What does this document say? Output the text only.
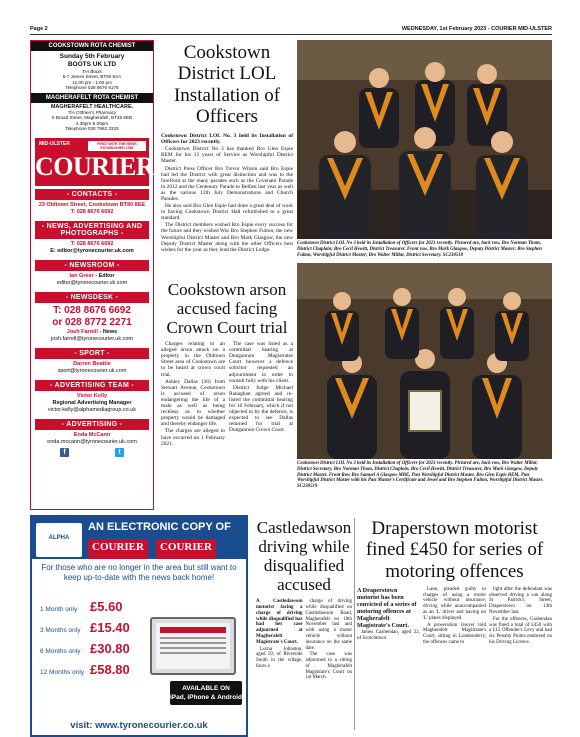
Page 2	WEDNESDAY, 1st February 2023 - COURIER MID-ULSTER
COOKSTOWN ROTA CHEMIST
Sunday 5th February
BOOTS UK LTD
T/A Boots
5-7 James Street, BT80 8AA
12.00 pm - 1.00 pm
Telephone 028 8676 6176
MAGHERAFELT ROTA CHEMIST
MAGHERAFELT HEALTHCARE.
T/A O'Brien's Pharmacy
5 Broad Street, Magherafelt, BT45 6EB
4.30pm-5.00pm
Telephone 028 7963 3333
MID-ULSTER	FIRST WITH THE NEWS ESTABLISHED 1980
COURIER
- CONTACTS -
23 Oldtown Street, Cookstown BT80 8EE
T: 028 8676 6692
- NEWS, ADVERTISING AND PHOTOGRAPHS -
T: 028 8676 6692
E: editor@tyronecourier.uk.com
- NEWSROOM -
Ian Greer - Editor
editor@tyronecourier.uk.com
- NEWSDESK -
T: 028 8676 6692
or 028 8772 2271
Josh Farrell - News
josh.farrell@tyronecourier.uk.com
- SPORT -
Darren Beattie
sport@tyronecourier.uk.com
- ADVERTISING TEAM -
Victor Kelly
Regional Advertising Manager
victor.kelly@alphamediagroup.co.uk
- ADVERTISING -
Enda McCann
enda.mccann@tyronecourier.uk.com
f	t
ALPHA
AN ELECTRONIC COPY OF
COURIER	COURIER
For those who are no longer in the area but still want to keep up-to-date with the news back home!
1 Month only £5.60
3 Months only £15.40
6 Months only £30.80
12 Months only £58.80
AVAILABLE ON
iPad, iPhone & Android
visit: www.tyronecourier.co.uk
Cookstown District LOL Installation of Officers

Cookstown District LOL No. 3 held its Installation of Officers for 2023 recently.

Cookstown District No 3 has thanked Bro Glen Espie BEM for his 12 years of Service as Worshipful District Master.

District Press Officer Bro Trevor Wilson said Bro Espie had led the District with great distinction and was to the forefront at the many parades such as the Covenant Parade in 2012 and the Centenary Parade to Belfast last year as well as the various 12th July Demonstrations and Church Parades.

He also said Bro Glen Espie had done a great deal of work in having Cookstown District Hall refurbished to a great standard.

The District members wished Bro Espie every success for the future and they wished Wor Bro Stephen Fulton, the new Worshipful District Master and Bro Mark Glasgow, the new Deputy District Master along with the other Officers best wishes for the year as they lead the District Lodge.

Cookstown District LOL No 3 held its Installation of Officers for 2023 recently. Pictured are, back row, Bro Norman Thom, District Chaplain; Bro Cecil Hewitt, District Treasurer. Front row, Bro Mark Glasgow, Deputy District Master; Bro Stephen Fulton, Worshipful District Master; Bro Walter Millar, District Secretary. SC230518
Cookstown District LOL No 3 held its Installation of Officers for 2023 recently. Pictured are, back row, Bro Walter Millar, District Secretary, Bro Norman Thom, District Chaplain, Bro Cecil Hewitt, District Treasurer, Bro Mark Glasgow, Deputy District Master. Front Row Bro Samuel A Glasgow MBE, Past Worshipful District Master, Bro Glen Espie BEM, Past Worshipful District Master with his Past Master's Certificate and Jewel and Bro Stephen Fulton, Worshipful District Master. SC230519
Cookstown arson accused facing Crown Court trial

Charges relating to an alleged arson attack on a property in the Oldtown Street area of Cookstown are to be heard at crown court trial.

Ashley Dallas (36) from Stewart Avenue, Cookstown is accused of arson endangering the life of a male as well as being reckless as to whether property would be damaged and thereby endanger life.

The charges are alleged to have occurred on 1 February 2021.

The case was listed as a committal hearing at Dungannon Magistrates Court however a defence solicitor requested an adjournment in order to consult fully with his client.

District Judge Michael Ranaghan agreed and re-listed the committal hearing for 10 February, which if not objected to by the defence, is expected to see Dallas returned for trial at Dungannon Crown Court.

Castledawson driving while disqualified accused

A Castledawson motorist facing a charge of driving while disqualified has had her case adjourned at Magherafelt Magistrate's Court.

Lorna Johnston, aged 59, of Riverside South in the village, faces a

charge of driving while disqualified on Castledawson Road, Magherafelt on 18th November last and with using a motor vehicle without insurance on the same date.

The case was adjourned to a sitting of Magherafelt Magistrate's Court on 1st March.

Draperstown motorist fined £450 for series of motoring offences

A Draperstown motorist has been convicted of a series of motoring offences at Magherafelt Magistrate's Court.

James Cashendan, aged 22, of Scotchtown

Lane, pleaded guilty to charges of using a motor vehicle without insurance; driving while unaccompanied as an 'L' driver and having no 'L' plates displayed.

A prosecution lawyer told Magherafelt Magistrate's Court, sitting in Londonderry, the offences came to

light after the defendant was observed driving a van along St Patrick's Street, Draperstown on 13th November last.

For the offences, Cashendan was fined a total of £450 with a £15 Offender's Levy and had six Penalty Points endorsed on his Driving Licence.
